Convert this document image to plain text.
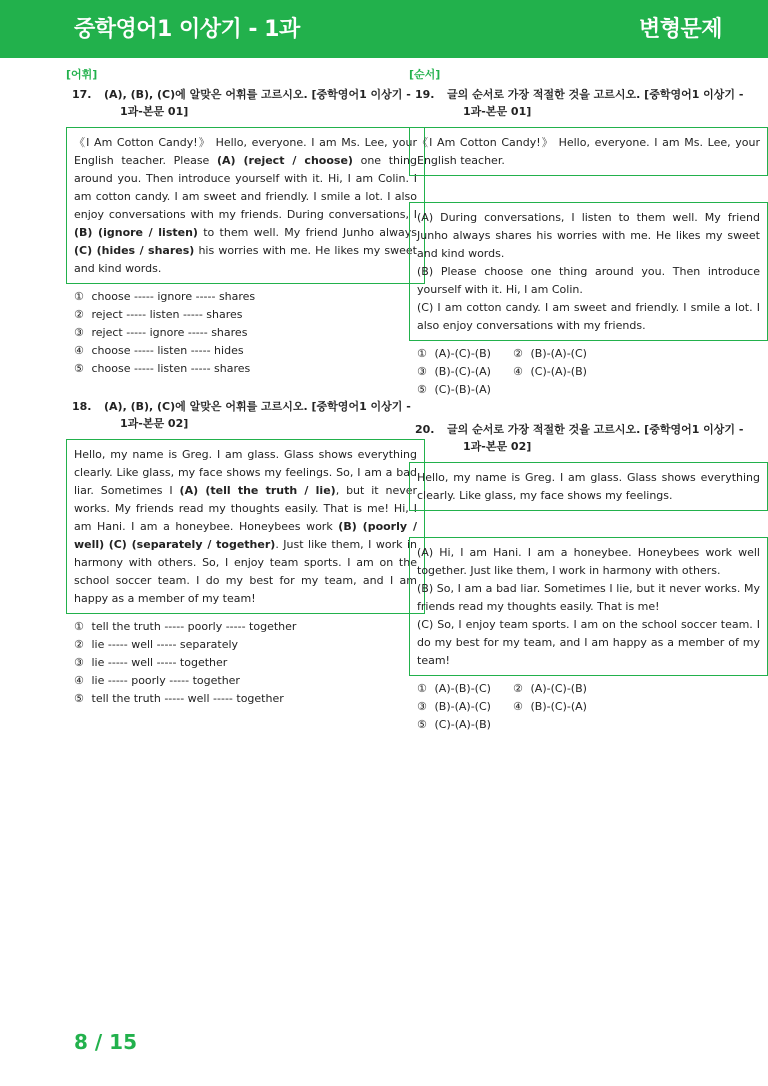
중학영어1 이상기 - 1과	변형문제
[어휘]
17.	(A), (B), (C)에 알맞은 어휘를 고르시오. [중학영어1 이상기 -
1과-본문 01]
《I Am Cotton Candy!》 Hello, everyone. I am Ms. Lee, your English teacher. Please (A) (reject / choose) one thing around you. Then introduce yourself with it. Hi, I am Colin. I am cotton candy. I am sweet and friendly. I smile a lot. I also enjoy conversations with my friends. During conversations, I (B) (ignore / listen) to them well. My friend Junho always (C) (hides / shares) his worries with me. He likes my sweet and kind words.
① choose ----- ignore ----- shares
② reject ----- listen ----- shares
③ reject ----- ignore ----- shares
④ choose ----- listen ----- hides
⑤ choose ----- listen ----- shares
18.	(A), (B), (C)에 알맞은 어휘를 고르시오. [중학영어1 이상기 -
1과-본문 02]
Hello, my name is Greg. I am glass. Glass shows everything clearly. Like glass, my face shows my feelings. So, I am a bad liar. Sometimes I (A) (tell the truth / lie), but it never works. My friends read my thoughts easily. That is me! Hi, I am Hani. I am a honeybee. Honeybees work (B) (poorly / well) (C) (separately / together). Just like them, I work in harmony with others. So, I enjoy team sports. I am on the school soccer team. I do my best for my team, and I am happy as a member of my team!
① tell the truth ----- poorly ----- together
② lie ----- well ----- separately
③ lie ----- well ----- together
④ lie ----- poorly ----- together
⑤ tell the truth ----- well ----- together
[순서]
19.	글의 순서로 가장 적절한 것을 고르시오. [중학영어1 이상기 -
1과-본문 01]
《I Am Cotton Candy!》 Hello, everyone. I am Ms. Lee, your English teacher.
(A) During conversations, I listen to them well. My friend Junho always shares his worries with me. He likes my sweet and kind words.
(B) Please choose one thing around you. Then introduce yourself with it. Hi, I am Colin.
(C) I am cotton candy. I am sweet and friendly. I smile a lot. I also enjoy conversations with my friends.
① (A)-(C)-(B)	② (B)-(A)-(C)
③ (B)-(C)-(A)	④ (C)-(A)-(B)
⑤ (C)-(B)-(A)
20.	글의 순서로 가장 적절한 것을 고르시오. [중학영어1 이상기 -
1과-본문 02]
Hello, my name is Greg. I am glass. Glass shows everything clearly. Like glass, my face shows my feelings.
(A) Hi, I am Hani. I am a honeybee. Honeybees work well together. Just like them, I work in harmony with others.
(B) So, I am a bad liar. Sometimes I lie, but it never works. My friends read my thoughts easily. That is me!
(C) So, I enjoy team sports. I am on the school soccer team. I do my best for my team, and I am happy as a member of my team!
① (A)-(B)-(C)	② (A)-(C)-(B)
③ (B)-(A)-(C)	④ (B)-(C)-(A)
⑤ (C)-(A)-(B)
8 / 15
